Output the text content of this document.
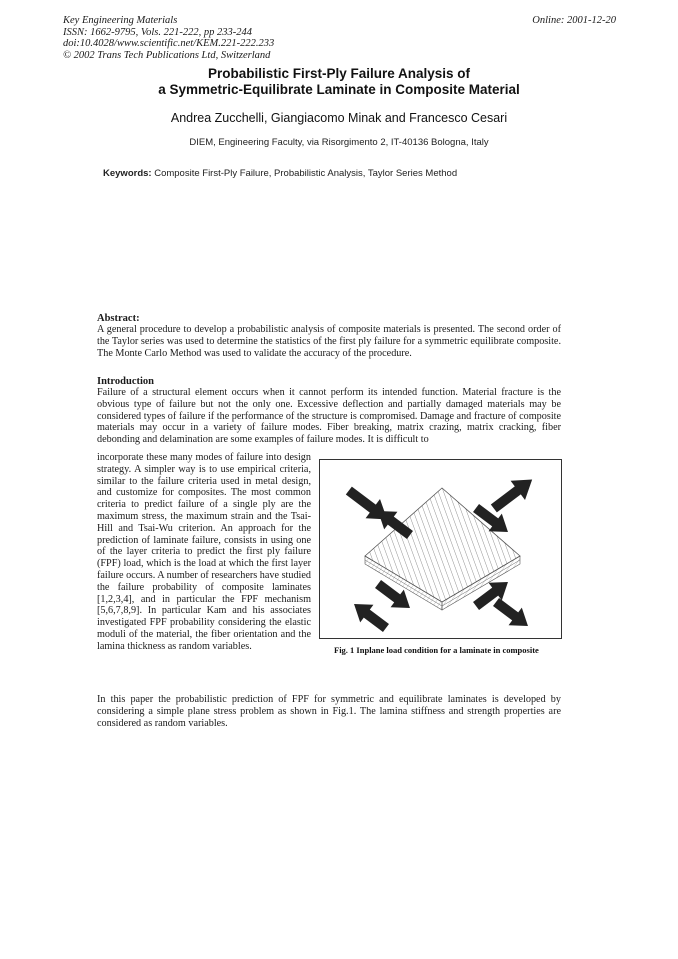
Key Engineering Materials
ISSN: 1662-9795, Vols. 221-222, pp 233-244
doi:10.4028/www.scientific.net/KEM.221-222.233
© 2002 Trans Tech Publications Ltd, Switzerland
Online: 2001-12-20
Probabilistic First-Ply Failure Analysis of
a Symmetric-Equilibrate Laminate in Composite Material
Andrea Zucchelli, Giangiacomo Minak and Francesco Cesari
DIEM, Engineering Faculty, via Risorgimento 2, IT-40136 Bologna, Italy
Keywords: Composite First-Ply Failure, Probabilistic Analysis, Taylor Series Method
Abstract:
A general procedure to develop a probabilistic analysis of composite materials is presented. The second order of the Taylor series was used to determine the statistics of the first ply failure for a symmetric equilibrate composite. The Monte Carlo Method was used to validate the accuracy of the procedure.
Introduction
Failure of a structural element occurs when it cannot perform its intended function. Material fracture is the obvious type of failure but not the only one. Excessive deflection and partially damaged materials may be considered types of failure if the performance of the structure is compromised. Damage and fracture of composite materials may occur in a variety of failure modes. Fiber breaking, matrix crazing, matrix cracking, fiber debonding and delamination are some examples of failure modes. It is difficult to
incorporate these many modes of failure into design strategy. A simpler way is to use empirical criteria, similar to the failure criteria used in metal design, and customize for composites. The most common criteria to predict failure of a single ply are the maximum stress, the maximum strain and the Tsai-Hill and Tsai-Wu criterion. An approach for the prediction of laminate failure, consists in using one of the layer criteria to predict the first ply failure (FPF) load, which is the load at which the first layer failure occurs. A number of researchers have studied the failure probability of composite laminates [1,2,3,4], and in particular the FPF mechanism [5,6,7,8,9]. In particular Kam and his associates investigated FPF probability considering the elastic moduli of the material, the fiber orientation and the lamina thickness as random variables.	Fig. 1 Inplane load condition for a laminate in composite
In this paper the probabilistic prediction of FPF for symmetric and equilibrate laminates is developed by considering a simple plane stress problem as shown in Fig.1. The lamina stiffness and strength properties are considered as random variables.
